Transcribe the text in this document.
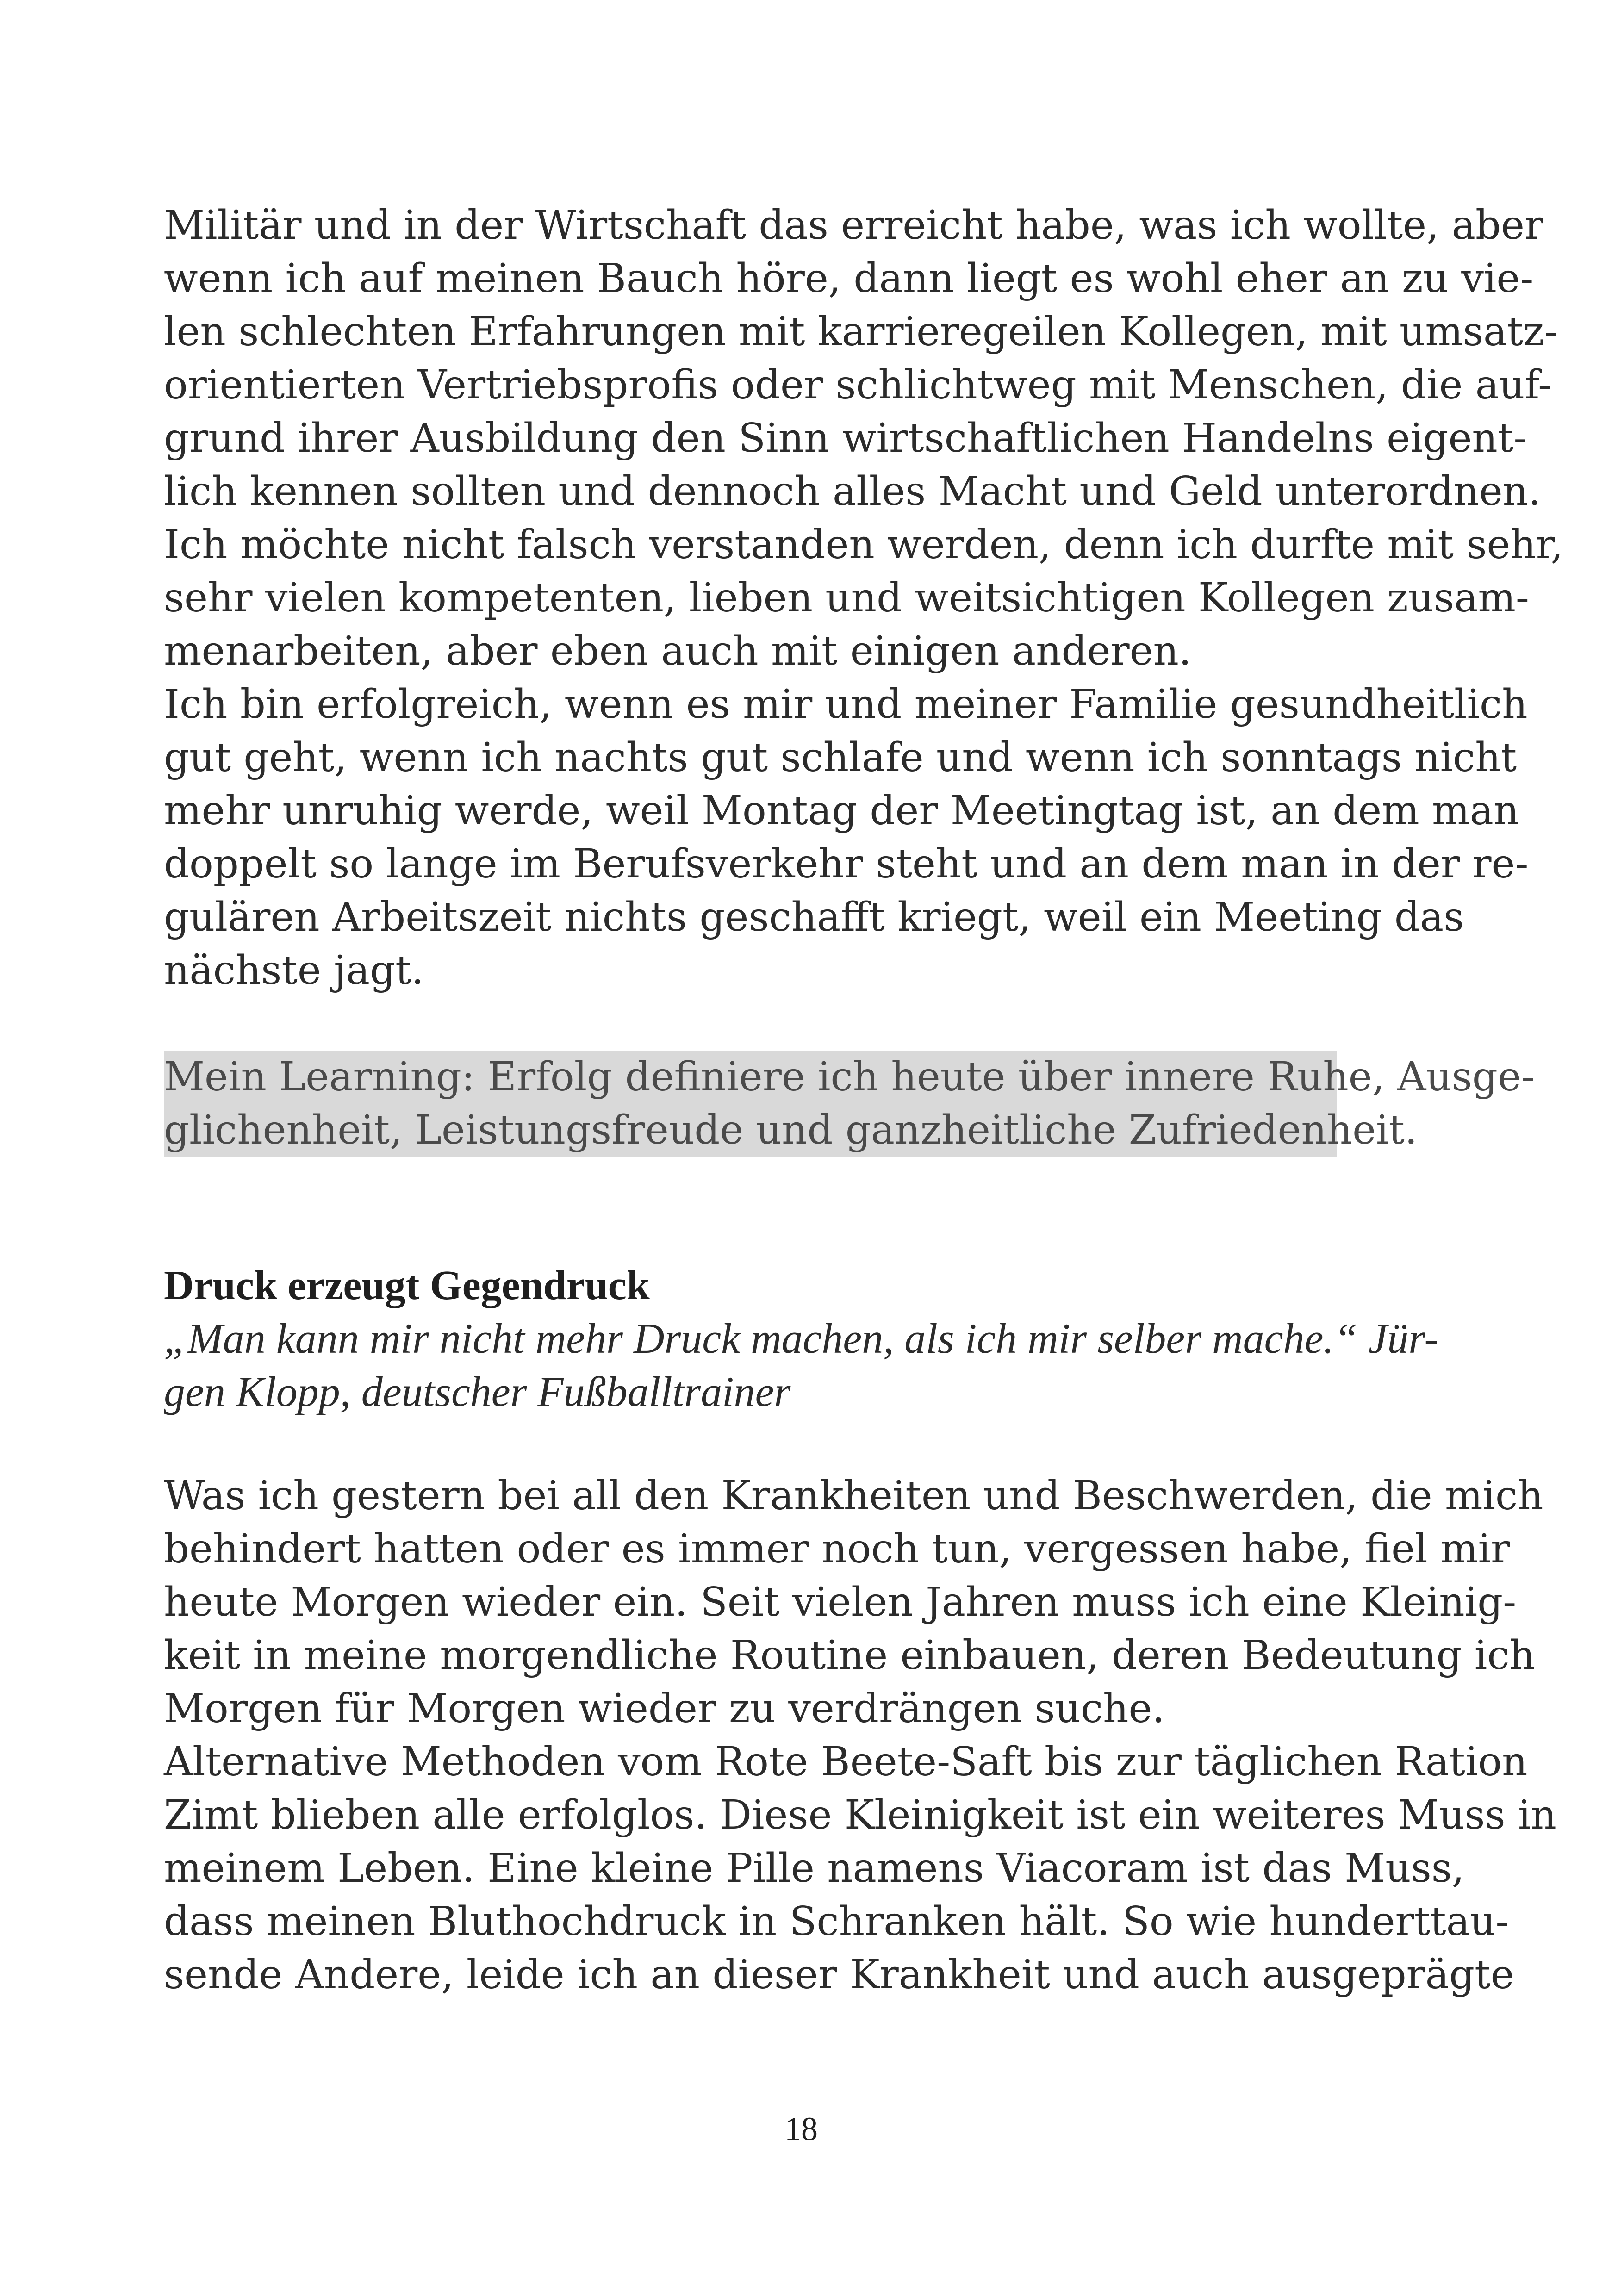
Militär und in der Wirtschaft das erreicht habe, was ich wollte, aber
wenn ich auf meinen Bauch höre, dann liegt es wohl eher an zu vie-
len schlechten Erfahrungen mit karrieregeilen Kollegen, mit umsatz-
orientierten Vertriebsprofis oder schlichtweg mit Menschen, die auf-
grund ihrer Ausbildung den Sinn wirtschaftlichen Handelns eigent-
lich kennen sollten und dennoch alles Macht und Geld unterordnen.
Ich möchte nicht falsch verstanden werden, denn ich durfte mit sehr,
sehr vielen kompetenten, lieben und weitsichtigen Kollegen zusam-
menarbeiten, aber eben auch mit einigen anderen.
Ich bin erfolgreich, wenn es mir und meiner Familie gesundheitlich
gut geht, wenn ich nachts gut schlafe und wenn ich sonntags nicht
mehr unruhig werde, weil Montag der Meetingtag ist, an dem man
doppelt so lange im Berufsverkehr steht und an dem man in der re-
gulären Arbeitszeit nichts geschafft kriegt, weil ein Meeting das
nächste jagt.
Mein Learning: Erfolg definiere ich heute über innere Ruhe, Ausge-
glichenheit, Leistungsfreude und ganzheitliche Zufriedenheit.
Druck erzeugt Gegendruck
„Man kann mir nicht mehr Druck machen, als ich mir selber mache.“ Jür-
gen Klopp, deutscher Fußballtrainer
Was ich gestern bei all den Krankheiten und Beschwerden, die mich
behindert hatten oder es immer noch tun, vergessen habe, fiel mir
heute Morgen wieder ein. Seit vielen Jahren muss ich eine Kleinig-
keit in meine morgendliche Routine einbauen, deren Bedeutung ich
Morgen für Morgen wieder zu verdrängen suche.
Alternative Methoden vom Rote Beete-Saft bis zur täglichen Ration
Zimt blieben alle erfolglos. Diese Kleinigkeit ist ein weiteres Muss in
meinem Leben. Eine kleine Pille namens Viacoram ist das Muss,
dass meinen Bluthochdruck in Schranken hält. So wie hunderttau-
sende Andere, leide ich an dieser Krankheit und auch ausgeprägte
18
